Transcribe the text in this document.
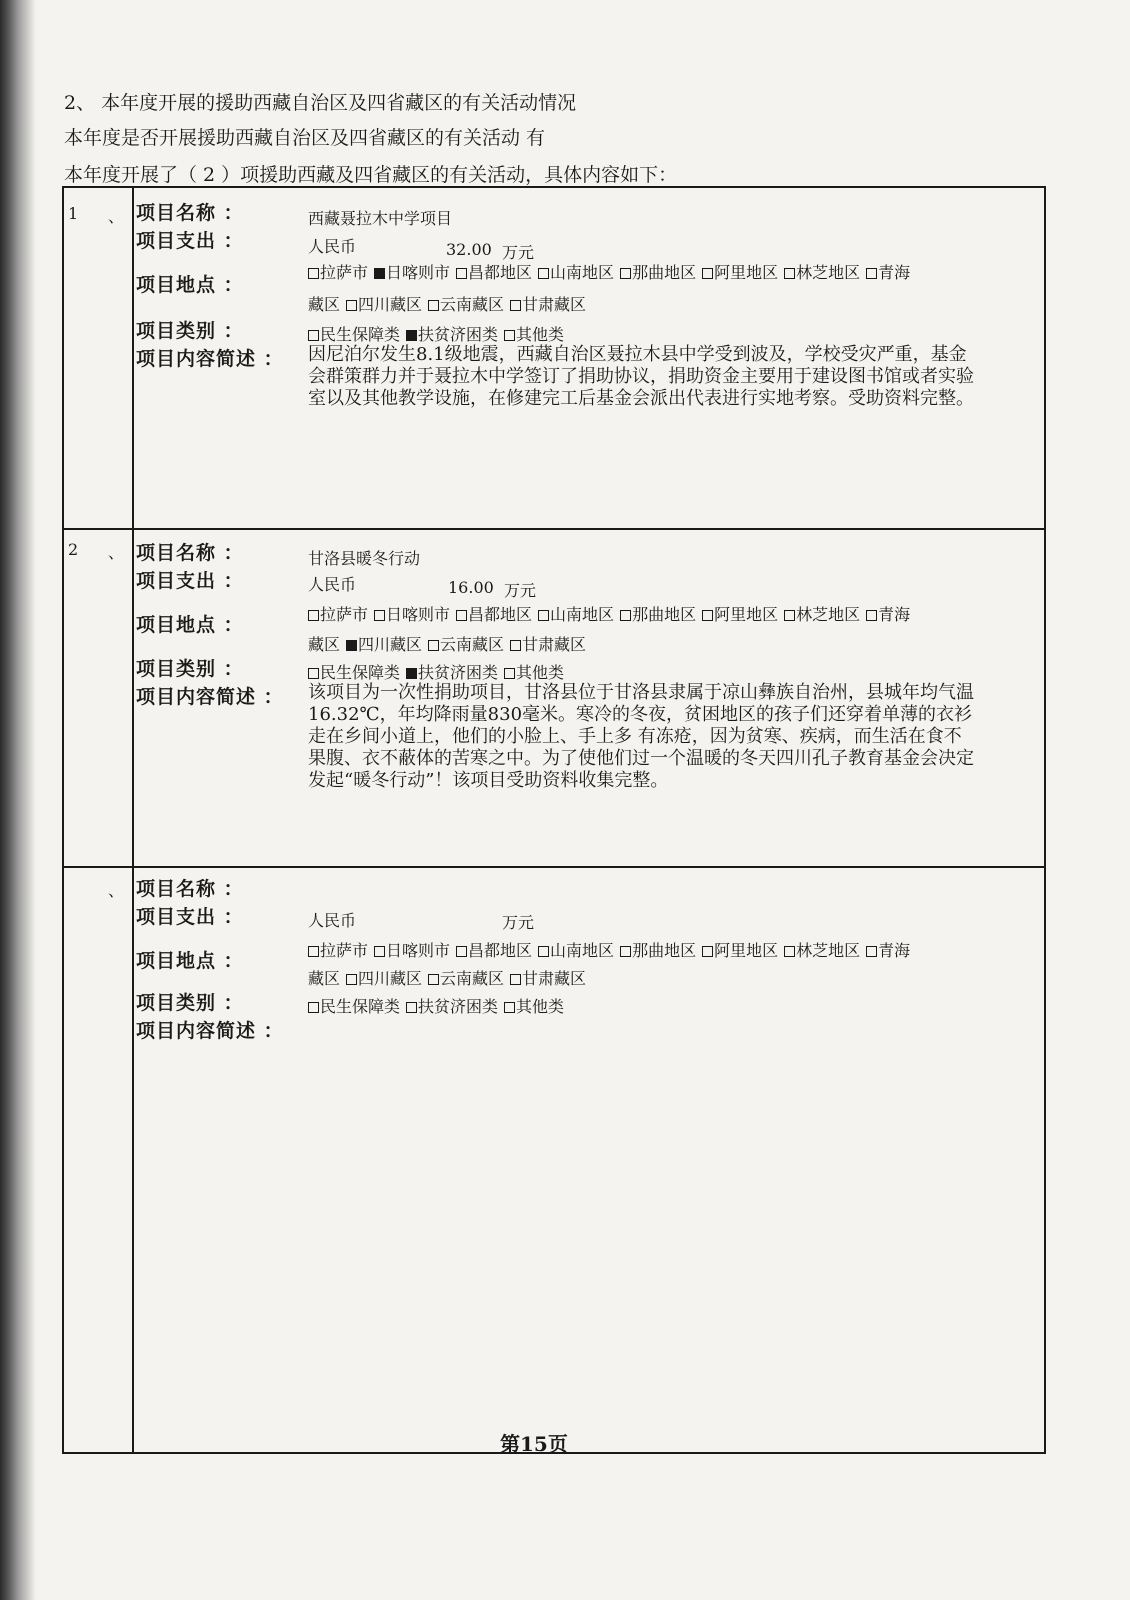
2、 本年度开展的援助西藏自治区及四省藏区的有关活动情况
本年度是否开展援助西藏自治区及四省藏区的有关活动 有
本年度开展了（ 2 ）项援助西藏及四省藏区的有关活动，具体内容如下：
1 、 项目名称 ：	西藏聂拉木中学项目
项目支出 ：	人民币	32.00 万元
项目地点 ：
拉萨市 日喀则市 昌都地区 山南地区 那曲地区 阿里地区 林芝地区 青海
藏区 四川藏区 云南藏区 甘肃藏区
项目类别 ：	民生保障类 扶贫济困类 其他类
项目内容简述 ： 因尼泊尔发生8.1级地震，西藏自治区聂拉木县中学受到波及，学校受灾严重，基金会群策群力并于聂拉木中学签订了捐助协议，捐助资金主要用于建设图书馆或者实验室以及其他教学设施，在修建完工后基金会派出代表进行实地考察。受助资料完整。
2 、 项目名称 ：	甘洛县暖冬行动
项目支出 ：	人民币	16.00 万元
项目地点 ：	拉萨市 日喀则市 昌都地区 山南地区 那曲地区 阿里地区 林芝地区 青海
藏区 四川藏区 云南藏区 甘肃藏区
项目类别 ：	民生保障类 扶贫济困类 其他类
项目内容简述 ： 该项目为一次性捐助项目，甘洛县位于甘洛县隶属于凉山彝族自治州，县城年均气温16.32℃，年均降雨量830毫米。寒冷的冬夜，贫困地区的孩子们还穿着单薄的衣衫走在乡间小道上，他们的小脸上、手上多 有冻疮，因为贫寒、疾病，而生活在食不果腹、衣不蔽体的苦寒之中。为了使他们过一个温暖的冬天四川孔子教育基金会决定发起“暖冬行动”！该项目受助资料收集完整。
、 项目名称 ：
项目支出 ：	人民币	万元
项目地点 ：	拉萨市 日喀则市 昌都地区 山南地区 那曲地区 阿里地区 林芝地区 青海
藏区 四川藏区 云南藏区 甘肃藏区
项目类别 ：	民生保障类 扶贫济困类 其他类
项目内容简述 ：
第15页
